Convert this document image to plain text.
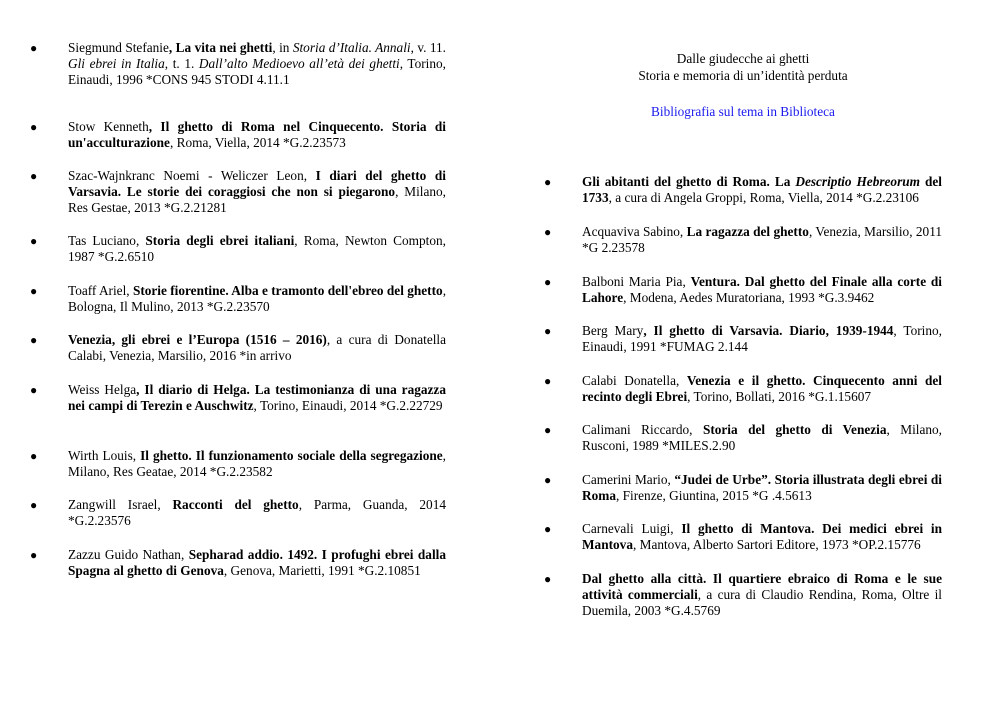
Dalle giudecche ai ghetti
Storia e memoria di un’identità perduta
Bibliografia sul tema in Biblioteca
●	Siegmund Stefanie, La vita nei ghetti, in Storia d’Italia. Annali, v. 11. Gli ebrei in Italia, t. 1. Dall’alto Medioevo all’età dei ghetti, Torino, Einaudi, 1996 *CONS 945 STODI 4.11.1
●	Stow Kenneth, Il ghetto di Roma nel Cinquecento. Storia di un'acculturazione, Roma, Viella, 2014 *G.2.23573
●	Szac-Wajnkranc Noemi - Weliczer Leon, I diari del ghetto di Varsavia. Le storie dei coraggiosi che non si piegarono, Milano, Res Gestae, 2013 *G.2.21281
●	Tas Luciano, Storia degli ebrei italiani, Roma, Newton Compton, 1987 *G.2.6510
●	Toaff Ariel, Storie fiorentine. Alba e tramonto dell'ebreo del ghetto, Bologna, Il Mulino, 2013 *G.2.23570
●	Venezia, gli ebrei e l’Europa (1516 – 2016), a cura di Donatella Calabi, Venezia, Marsilio, 2016 *in arrivo
●	Weiss Helga, Il diario di Helga. La testimonianza di una ragazza nei campi di Terezin e Auschwitz, Torino, Einaudi, 2014 *G.2.22729
●	Wirth Louis, Il ghetto. Il funzionamento sociale della segregazione, Milano, Res Geatae, 2014 *G.2.23582
●	Zangwill Israel, Racconti del ghetto, Parma, Guanda, 2014 *G.2.23576
●	Zazzu Guido Nathan, Sepharad addio. 1492. I profughi ebrei dalla Spagna al ghetto di Genova, Genova, Marietti, 1991 *G.2.10851
●	Gli abitanti del ghetto di Roma. La Descriptio Hebreorum del 1733, a cura di Angela Groppi, Roma, Viella, 2014 *G.2.23106
●	Acquaviva Sabino, La ragazza del ghetto, Venezia, Marsilio, 2011 *G 2.23578
●	Balboni Maria Pia, Ventura. Dal ghetto del Finale alla corte di Lahore, Modena, Aedes Muratoriana, 1993 *G.3.9462
●	Berg Mary, Il ghetto di Varsavia. Diario, 1939-1944, Torino, Einaudi, 1991 *FUMAG 2.144
●	Calabi Donatella, Venezia e il ghetto. Cinquecento anni del recinto degli Ebrei, Torino, Bollati, 2016 *G.1.15607
●	Calimani Riccardo, Storia del ghetto di Venezia, Milano, Rusconi, 1989 *MILES.2.90
●	Camerini Mario, “Judei de Urbe”. Storia illustrata degli ebrei di Roma, Firenze, Giuntina, 2015 *G .4.5613
●	Carnevali Luigi, Il ghetto di Mantova. Dei medici ebrei in Mantova, Mantova, Alberto Sartori Editore, 1973 *OP.2.15776
●	Dal ghetto alla città. Il quartiere ebraico di Roma e le sue attività commerciali, a cura di Claudio Rendina, Roma, Oltre il Duemila, 2003 *G.4.5769
